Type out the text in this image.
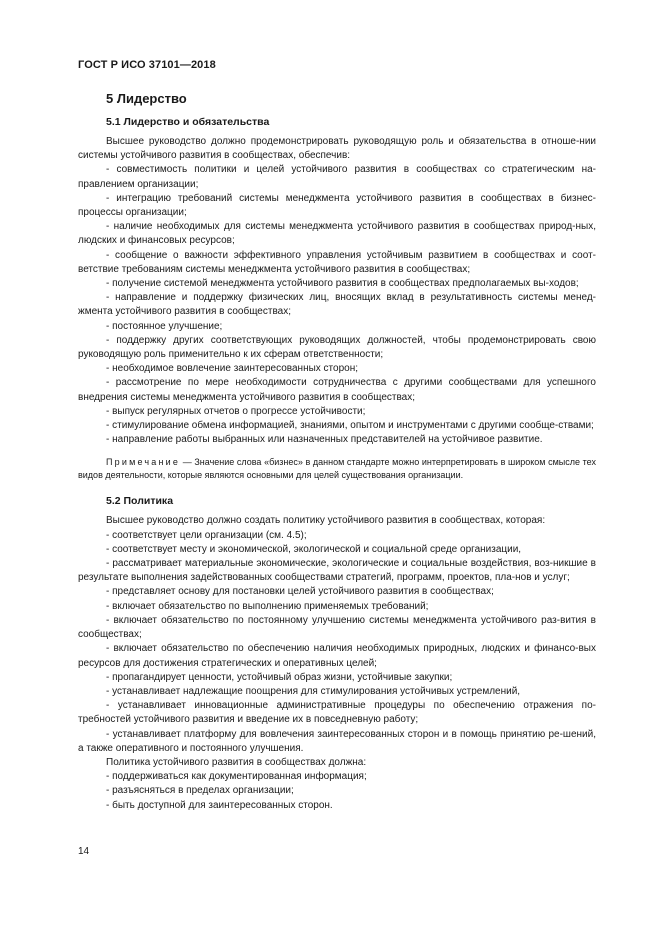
ГОСТ Р ИСО 37101—2018
5 Лидерство
5.1 Лидерство и обязательства

Высшее руководство должно продемонстрировать руководящую роль и обязательства в отноше-нии системы устойчивого развития в сообществах, обеспечив:

- совместимость политики и целей устойчивого развития в сообществах со стратегическим на-правлением организации;

- интеграцию требований системы менеджмента устойчивого развития в сообществах в бизнес-процессы организации;

- наличие необходимых для системы менеджмента устойчивого развития в сообществах природ-ных, людских и финансовых ресурсов;

- сообщение о важности эффективного управления устойчивым развитием в сообществах и соот-ветствие требованиям системы менеджмента устойчивого развития в сообществах;

- получение системой менеджмента устойчивого развития в сообществах предполагаемых вы-ходов;

- направление и поддержку физических лиц, вносящих вклад в результативность системы менед-жмента устойчивого развития в сообществах;

- постоянное улучшение;

- поддержку других соответствующих руководящих должностей, чтобы продемонстрировать свою руководящую роль применительно к их сферам ответственности;

- необходимое вовлечение заинтересованных сторон;

- рассмотрение по мере необходимости сотрудничества с другими сообществами для успешного внедрения системы менеджмента устойчивого развития в сообществах;

- выпуск регулярных отчетов о прогрессе устойчивости;

- стимулирование обмена информацией, знаниями, опытом и инструментами с другими сообще-ствами;

- направление работы выбранных или назначенных представителей на устойчивое развитие.

Примечание — Значение слова «бизнес» в данном стандарте можно интерпретировать в широком смысле тех видов деятельности, которые являются основными для целей существования организации.

5.2 Политика

Высшее руководство должно создать политику устойчивого развития в сообществах, которая:

- соответствует цели организации (см. 4.5);

- соответствует месту и экономической, экологической и социальной среде организации,

- рассматривает материальные экономические, экологические и социальные воздействия, воз-никшие в результате выполнения задействованных сообществами стратегий, программ, проектов, пла-нов и услуг;

- представляет основу для постановки целей устойчивого развития в сообществах;

- включает обязательство по выполнению применяемых требований;

- включает обязательство по постоянному улучшению системы менеджмента устойчивого раз-вития в сообществах;

- включает обязательство по обеспечению наличия необходимых природных, людских и финансо-вых ресурсов для достижения стратегических и оперативных целей;

- пропагандирует ценности, устойчивый образ жизни, устойчивые закупки;

- устанавливает надлежащие поощрения для стимулирования устойчивых устремлений,

- устанавливает инновационные административные процедуры по обеспечению отражения по-требностей устойчивого развития и введение их в повседневную работу;

- устанавливает платформу для вовлечения заинтересованных сторон и в помощь принятию ре-шений, а также оперативного и постоянного улучшения.

Политика устойчивого развития в сообществах должна:

- поддерживаться как документированная информация;

- разъясняться в пределах организации;

- быть доступной для заинтересованных сторон.

14
